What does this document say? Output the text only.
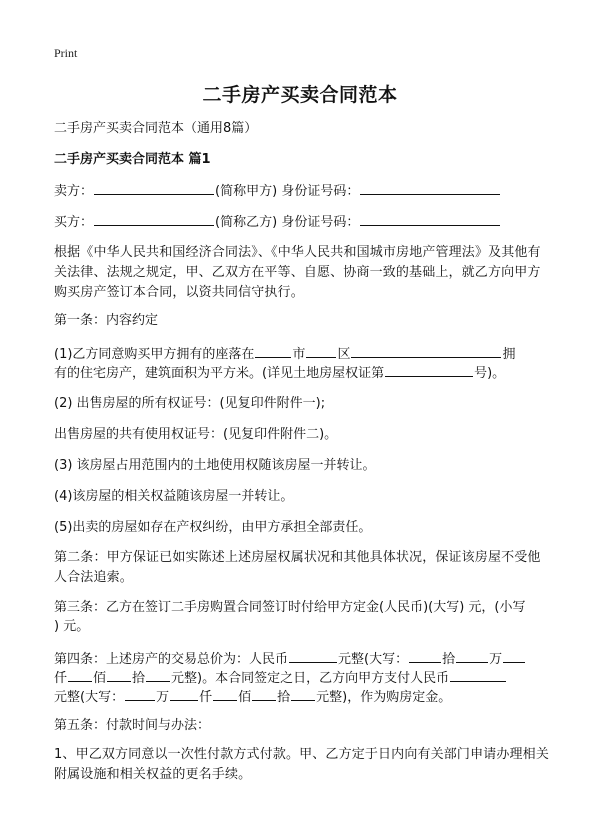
Print
二手房产买卖合同范本
二手房产买卖合同范本（通用8篇）
二手房产买卖合同范本 篇1
卖方：	(简称甲方) 身份证号码：
买方：	(简称乙方) 身份证号码：
根据《中华人民共和国经济合同法》、《中华人民共和国城市房地产管理法》及其他有关法律、法规之规定，甲、乙双方在平等、自愿、协商一致的基础上，就乙方向甲方购买房产签订本合同，以资共同信守执行。
第一条：内容约定
(1)乙方同意购买甲方拥有的座落在	市 区	拥
有的住宅房产，建筑面积为平方米。(详见土地房屋权证第	号)。
(2) 出售房屋的所有权证号：(见复印件附件一);
出售房屋的共有使用权证号：(见复印件附件二)。
(3) 该房屋占用范围内的土地使用权随该房屋一并转让。
(4)该房屋的相关权益随该房屋一并转让。
(5)出卖的房屋如存在产权纠纷，由甲方承担全部责任。
第二条：甲方保证已如实陈述上述房屋权属状况和其他具体状况，保证该房屋不受他人合法追索。
第三条：乙方在签订二手房购置合同签订时付给甲方定金(人民币)(大写) 元，(小写
) 元。
第四条：上述房产的交易总价为：人民币	元整(大写：	拾	万
仟 佰 拾 元整)。本合同签定之日，乙方向甲方支付人民币
元整(大写： 万 仟 佰 拾 元整)，作为购房定金。
第五条：付款时间与办法：
1、甲乙双方同意以一次性付款方式付款。甲、乙方定于日内向有关部门申请办理相关附属设施和相关权益的更名手续。
